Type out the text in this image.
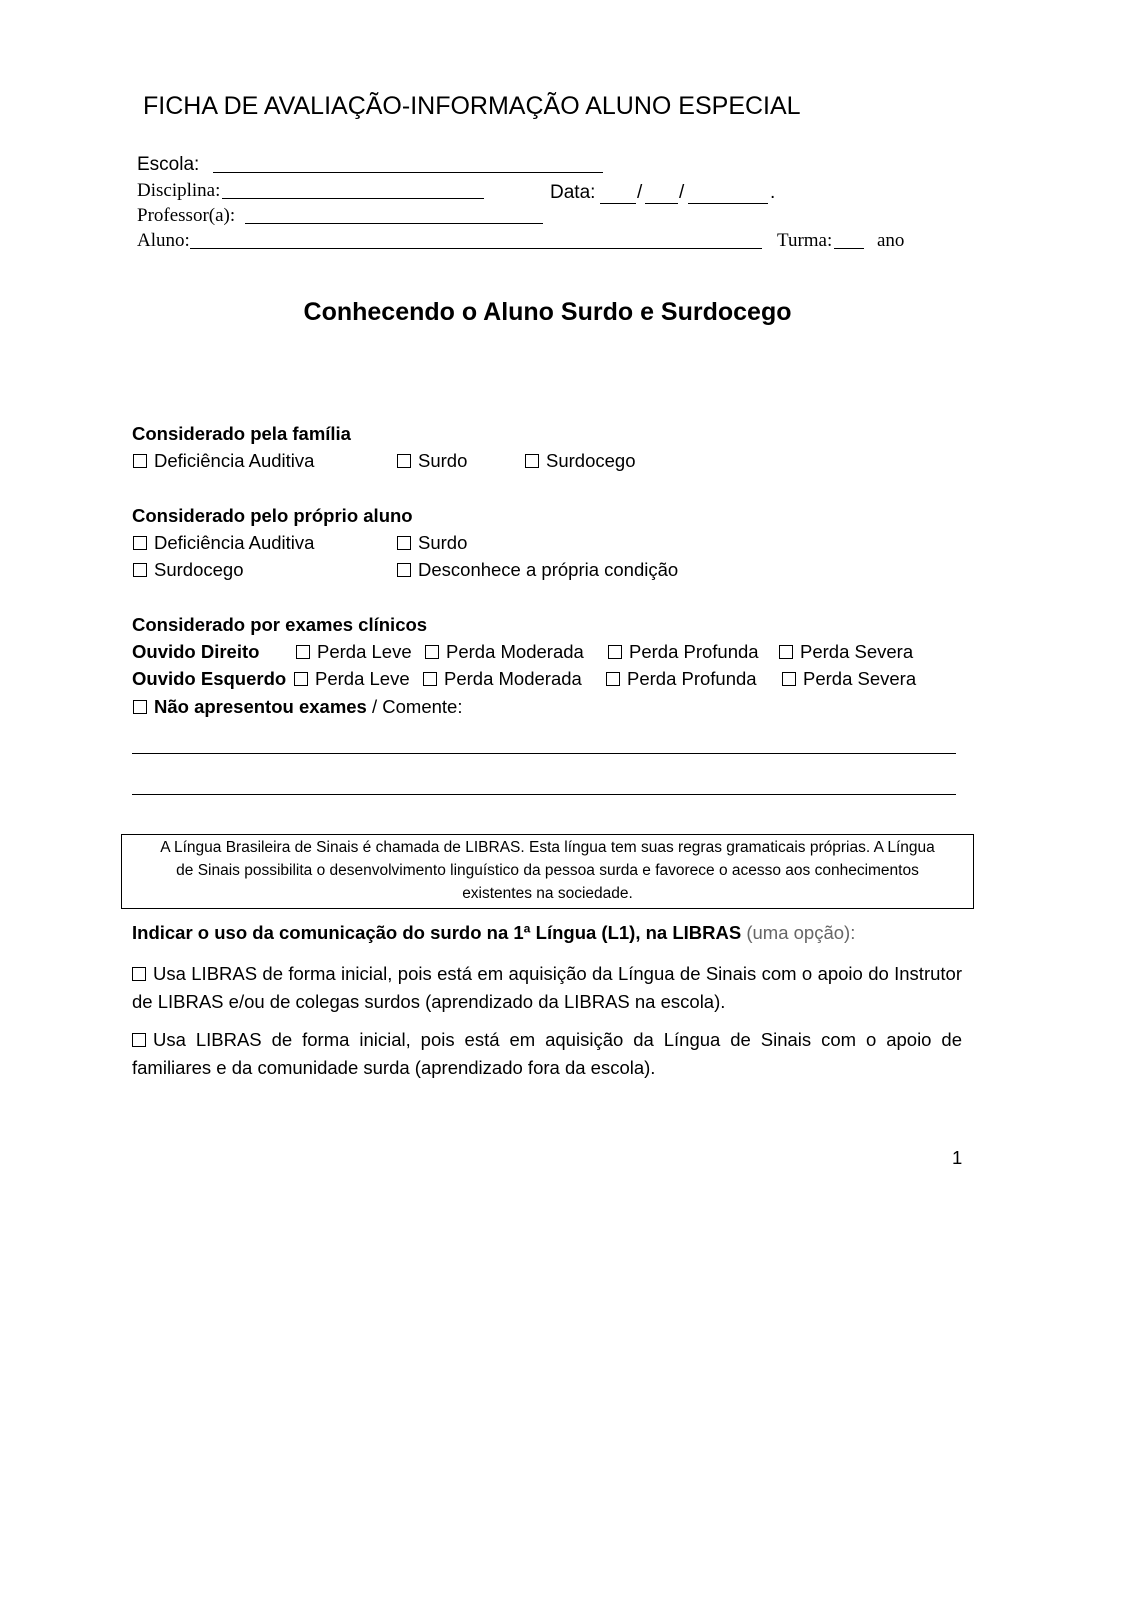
FICHA DE AVALIAÇÃO-INFORMAÇÃO ALUNO ESPECIAL
Escola:
Disciplina:	Data: / /	.
Professor(a):
Aluno:	Turma: ano
Conhecendo o Aluno Surdo e Surdocego
Considerado pela família
Deficiência Auditiva	Surdo	Surdocego
Considerado pelo próprio aluno
Deficiência Auditiva	Surdo
Surdocego	Desconhece a própria condição
Considerado por exames clínicos
Ouvido Direito	Perda Leve	Perda Moderada	Perda Profunda	Perda Severa
Ouvido Esquerdo	Perda Leve	Perda Moderada	Perda Profunda	Perda Severa
Não apresentou exames / Comente:
A Língua Brasileira de Sinais é chamada de LIBRAS. Esta língua tem suas regras gramaticais próprias. A Língua
de Sinais possibilita o desenvolvimento linguístico da pessoa surda e favorece o acesso aos conhecimentos
existentes na sociedade.
Indicar o uso da comunicação do surdo na 1ª Língua (L1), na LIBRAS (uma opção):
Usa LIBRAS de forma inicial, pois está em aquisição da Língua de Sinais com o apoio do Instrutor de LIBRAS e/ou de colegas surdos (aprendizado da LIBRAS na escola).
Usa LIBRAS de forma inicial, pois está em aquisição da Língua de Sinais com o apoio de familiares e da comunidade surda (aprendizado fora da escola).
1
